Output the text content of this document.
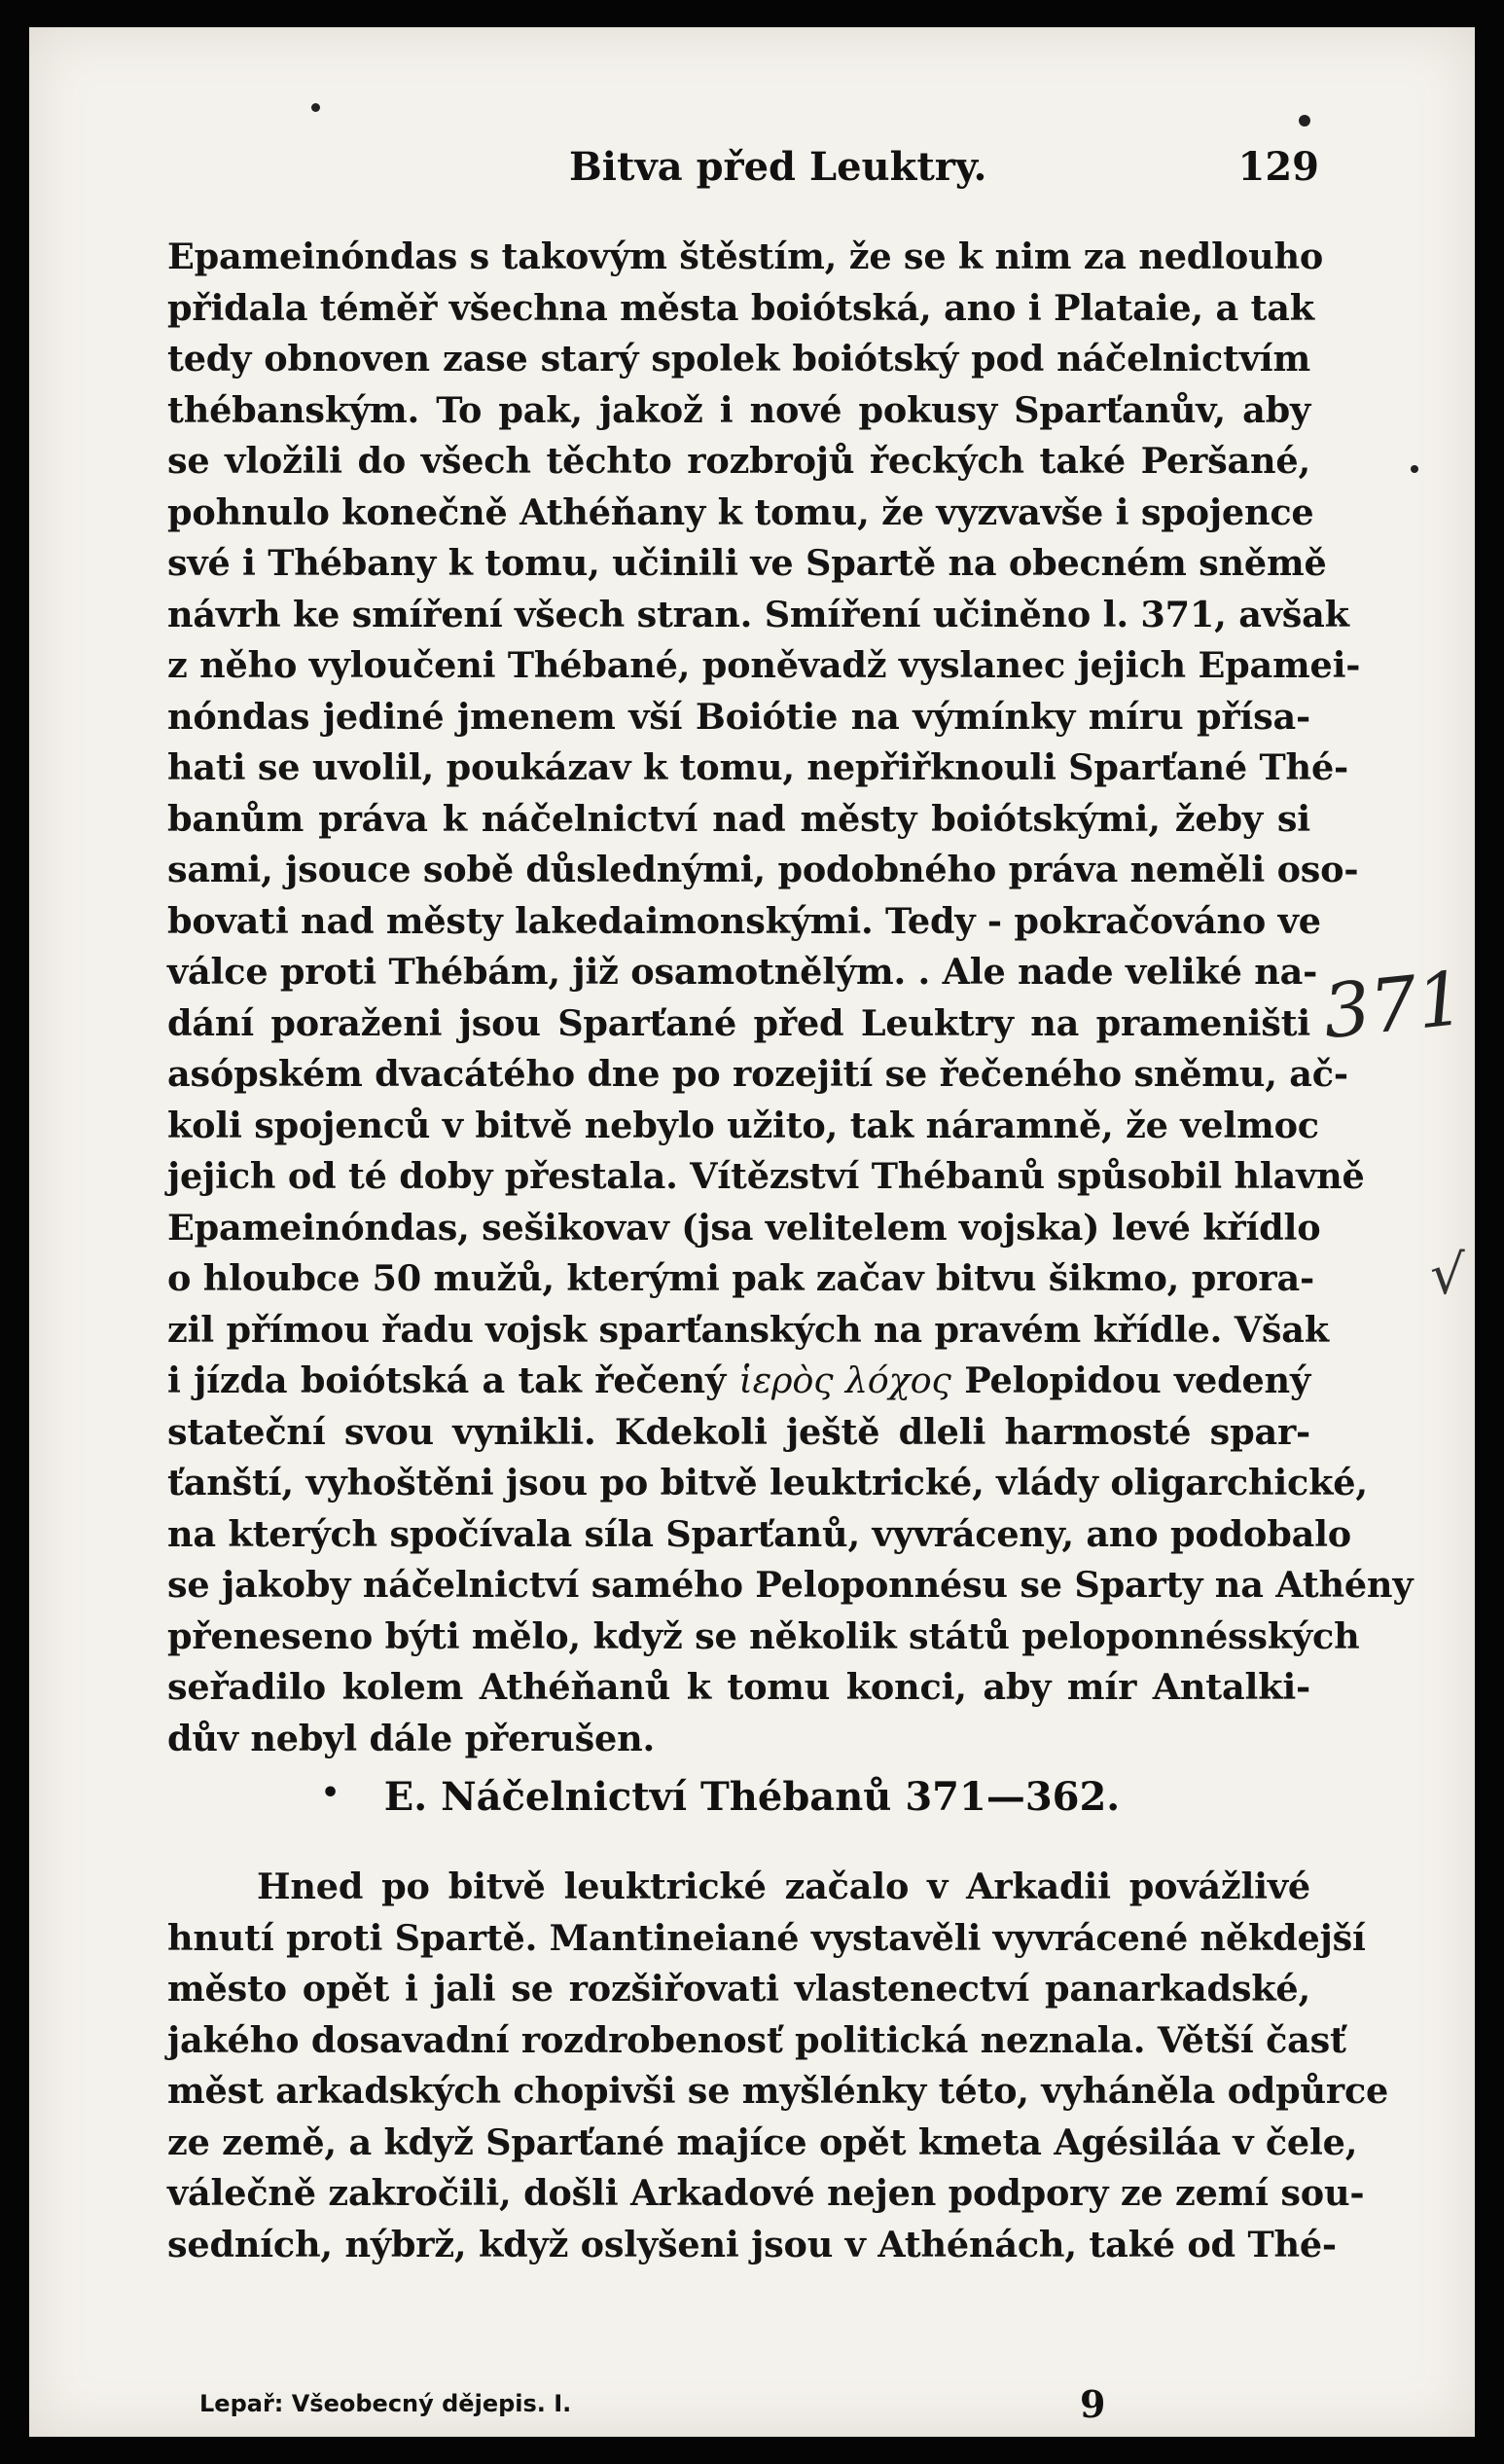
Bitva před Leuktry.	129
Epameinóndas s takovým štěstím, že se k nim za nedlouho
přidala téměř všechna města boiótská, ano i Plataie, a tak
tedy obnoven zase starý spolek boiótský pod náčelnictvím
thébanským. To pak, jakož i nové pokusy Sparťanův, aby
se vložili do všech těchto rozbrojů řeckých také Peršané,
pohnulo konečně Athéňany k tomu, že vyzvavše i spojence
své i Thébany k tomu, učinili ve Spartě na obecném sněmě
návrh ke smíření všech stran. Smíření učiněno l. 371, avšak
z něho vyloučeni Thébané, poněvadž vyslanec jejich Epamei-
nóndas jediné jmenem vší Boiótie na výmínky míru přísa-
hati se uvolil, poukázav k tomu, nepřiřknouli Sparťané Thé-
banům práva k náčelnictví nad městy boiótskými, žeby si
sami, jsouce sobě důslednými, podobného práva neměli oso-
bovati nad městy lakedaimonskými. Tedy - pokračováno ve
válce proti Thébám, již osamotnělým. . Ale nade veliké na-
dání poraženi jsou Sparťané před Leuktry na prameništi
asópském dvacátého dne po rozejití se řečeného sněmu, ač-
koli spojenců v bitvě nebylo užito, tak náramně, že velmoc
jejich od té doby přestala. Vítězství Thébanů spůsobil hlavně
Epameinóndas, sešikovav (jsa velitelem vojska) levé křídlo
o hloubce 50 mužů, kterými pak začav bitvu šikmo, prora-
zil přímou řadu vojsk sparťanských na pravém křídle. Však
i jízda boiótská a tak řečený ἱερὸς λόχος Pelopidou vedený
stateční svou vynikli. Kdekoli ještě dleli harmosté spar-
ťanští, vyhoštěni jsou po bitvě leuktrické, vlády oligarchické,
na kterých spočívala síla Sparťanů, vyvráceny, ano podobalo
se jakoby náčelnictví samého Peloponnésu se Sparty na Athény
přeneseno býti mělo, když se několik států peloponnésských
seřadilo kolem Athéňanů k tomu konci, aby mír Antalki-
dův nebyl dále přerušen.
• E. Náčelnictví Thébanů 371—362.
Hned po bitvě leuktrické začalo v Arkadii povážlivé
hnutí proti Spartě. Mantineiané vystavěli vyvrácené někdejší
město opět i jali se rozšiřovati vlastenectví panarkadské,
jakého dosavadní rozdrobenosť politická neznala. Větší časť
měst arkadských chopivši se myšlénky této, vyháněla odpůrce
ze země, a když Sparťané majíce opět kmeta Agésiláa v čele,
válečně zakročili, došli Arkadové nejen podpory ze zemí sou-
sedních, nýbrž, když oslyšeni jsou v Athénách, také od Thé-
Lepař: Všeobecný dějepis. I.	9
371
√
